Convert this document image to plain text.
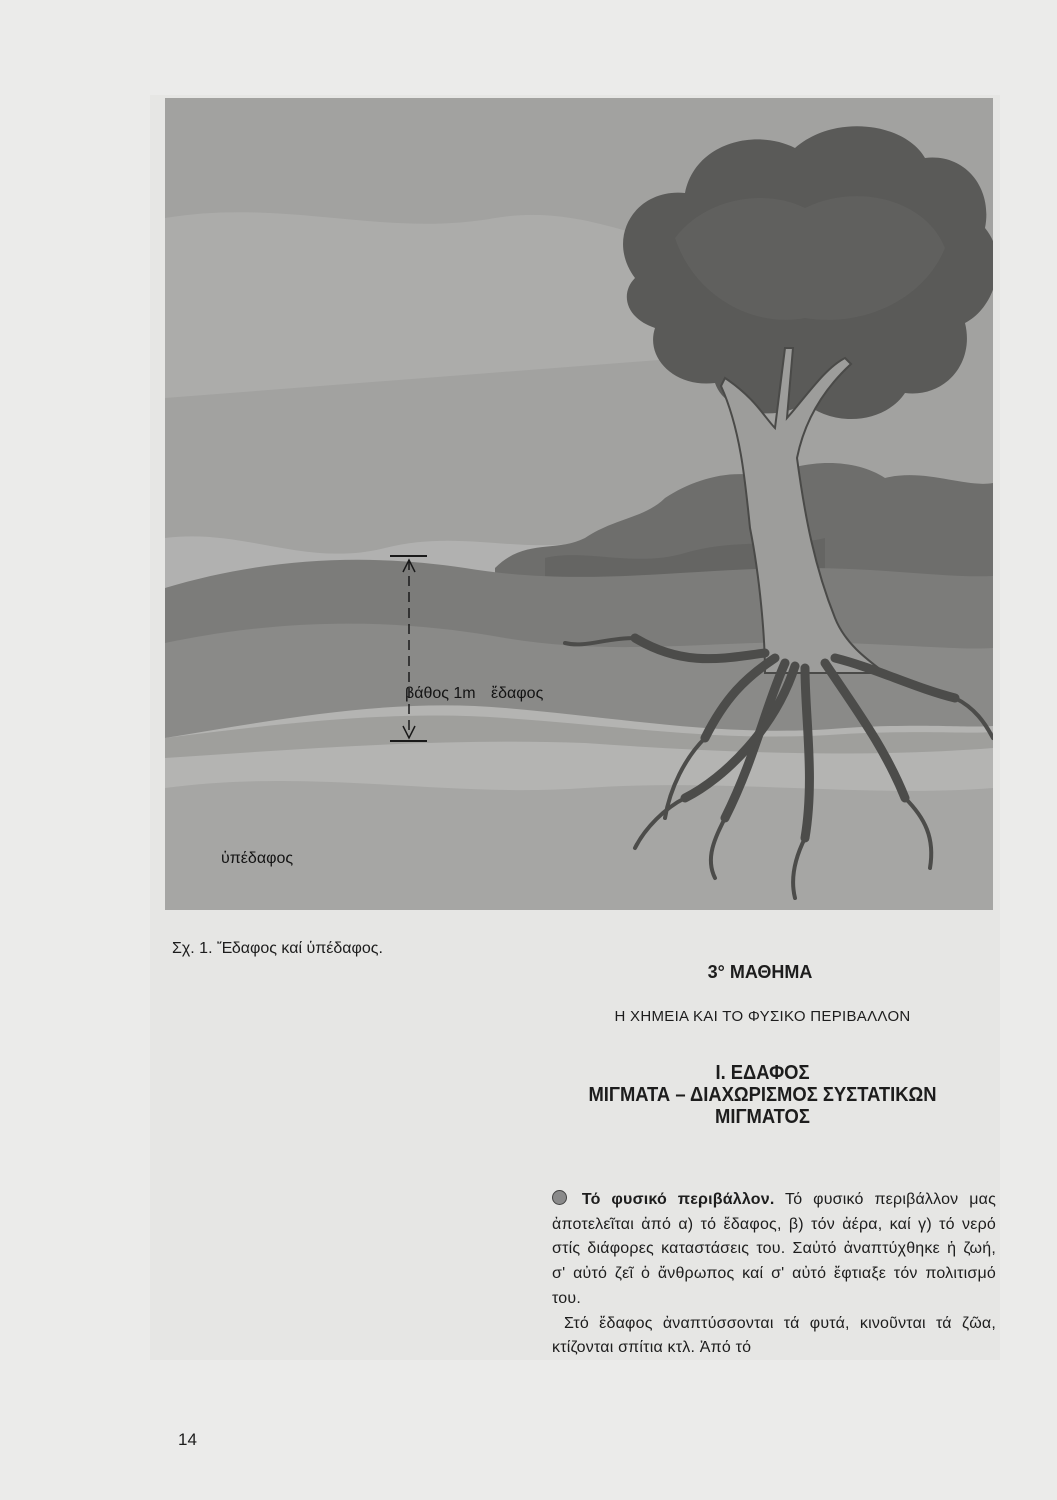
βάθος 1m ἔδαφος
ὑπέδαφος
Σχ. 1. Ἔδαφος καί ὑπέδαφος.
3° ΜΑΘΗΜΑ
Η ΧΗΜΕΙΑ ΚΑΙ ΤΟ ΦΥΣΙΚΟ ΠΕΡΙΒΑΛΛΟΝ
Ι. ΕΔΑΦΟΣ
ΜΙΓΜΑΤΑ – ΔΙΑΧΩΡΙΣΜΟΣ ΣΥΣΤΑΤΙΚΩΝ
ΜΙΓΜΑΤΟΣ

Τό φυσικό περιβάλλον. Τό φυσικό περιβάλλον μας ἀποτελεῖται ἀπό α) τό ἔδαφος, β) τόν ἀέρα, καί γ) τό νερό στίς διάφορες καταστάσεις του. Σαὐτό ἀναπτύχθηκε ἡ ζωή, σ' αὐτό ζεῖ ὁ ἄνθρωπος καί σ' αὐτό ἔφτιαξε τόν πολιτισμό του.

Στό ἔδαφος ἀναπτύσσονται τά φυτά, κινοῦνται τά ζῶα, κτίζονται σπίτια κτλ. Ἀπό τό

14
